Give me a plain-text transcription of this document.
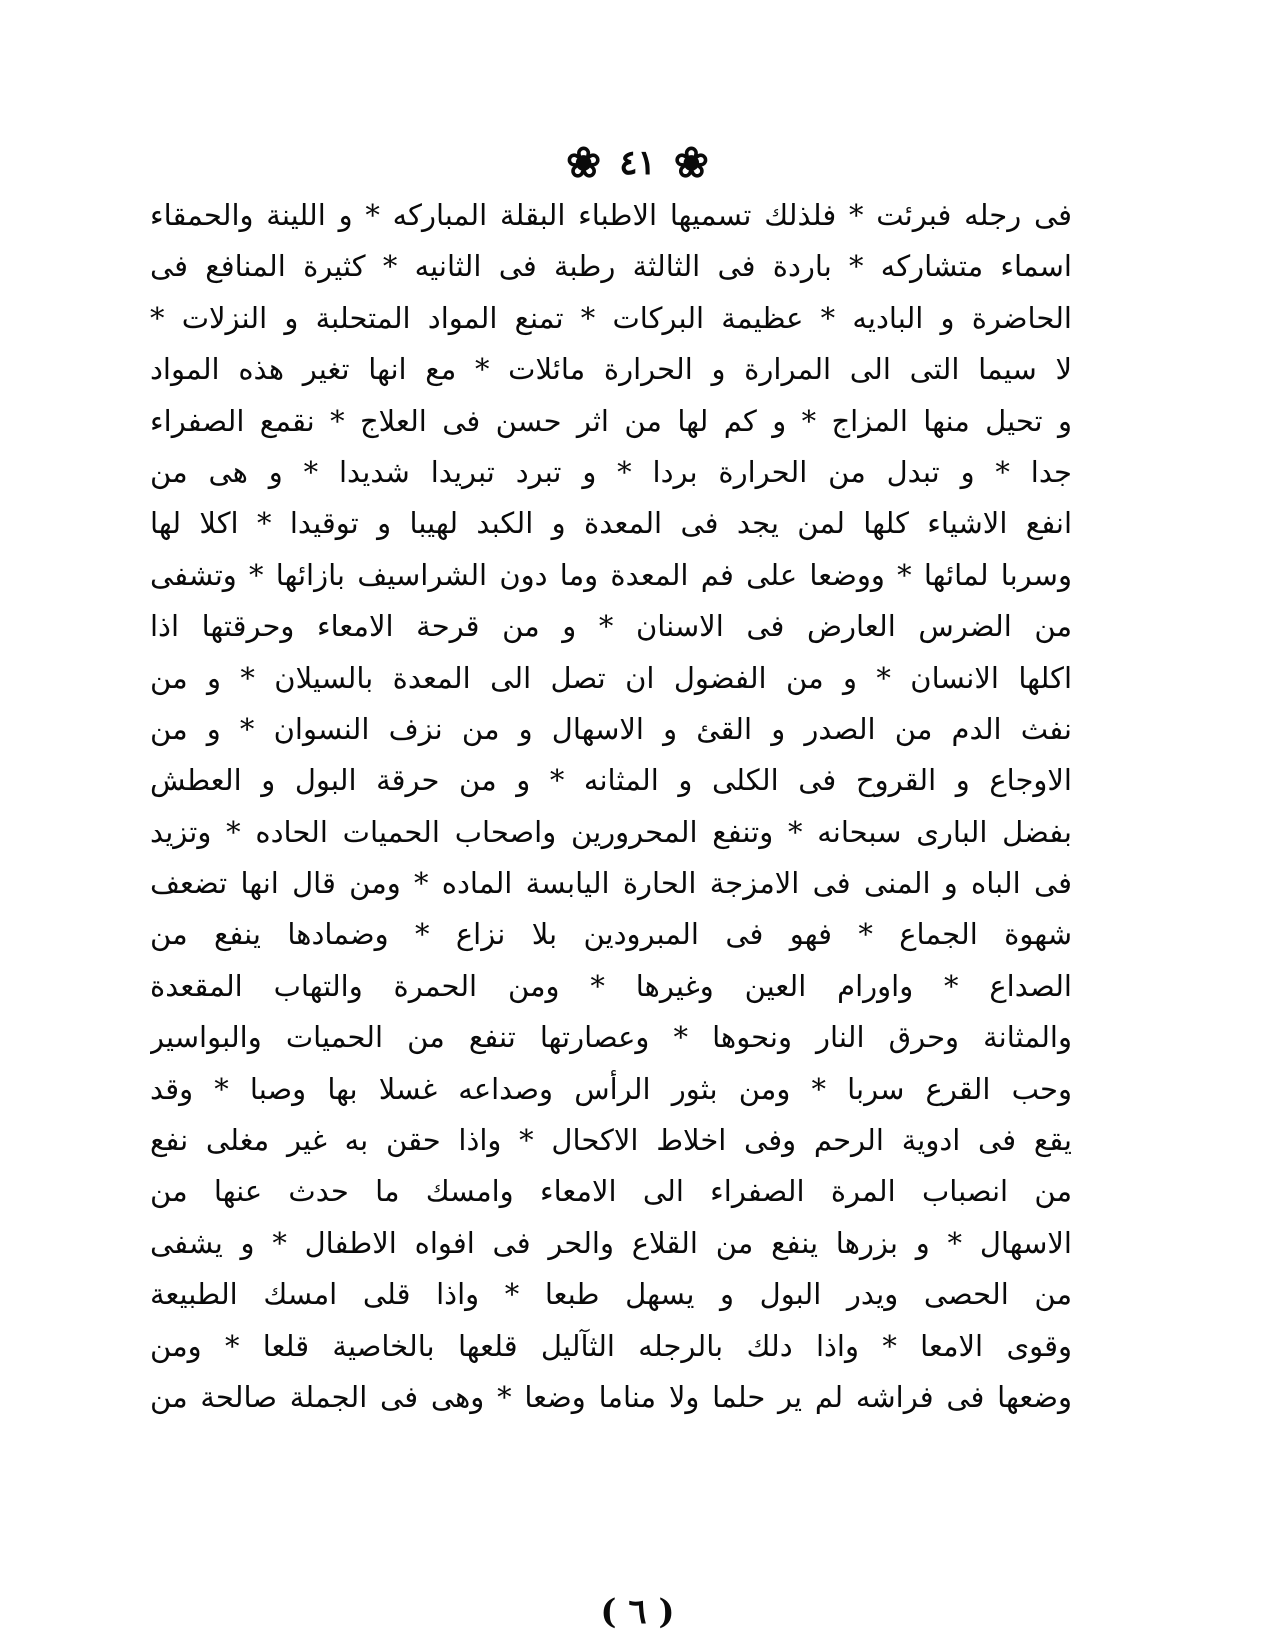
❀ ٤١ ❀
فى رجله فبرئت * فلذلك تسميها الاطباء البقلة المباركه * و اللينة والحمقاء
اسماء متشاركه * باردة فى الثالثة رطبة فى الثانيه * كثيرة المنافع فى
الحاضرة و الباديه * عظيمة البركات * تمنع المواد المتحلبة و النزلات *
لا سيما التى الى المرارة و الحرارة مائلات * مع انها تغير هذه المواد
و تحيل منها المزاج * و كم لها من اثر حسن فى العلاج * نقمع الصفراء
جدا * و تبدل من الحرارة بردا * و تبرد تبريدا شديدا * و هى من
انفع الاشياء كلها لمن يجد فى المعدة و الكبد لهيبا و توقيدا * اكلا لها
وسربا لمائها * ووضعا على فم المعدة وما دون الشراسيف بازائها * وتشفى
من الضرس العارض فى الاسنان * و من قرحة الامعاء وحرقتها اذا
اكلها الانسان * و من الفضول ان تصل الى المعدة بالسيلان * و من
نفث الدم من الصدر و القئ و الاسهال و من نزف النسوان * و من
الاوجاع و القروح فى الكلى و المثانه * و من حرقة البول و العطش
بفضل البارى سبحانه * وتنفع المحرورين واصحاب الحميات الحاده * وتزيد
فى الباه و المنى فى الامزجة الحارة اليابسة الماده * ومن قال انها تضعف
شهوة الجماع * فهو فى المبرودين بلا نزاع * وضمادها ينفع من
الصداع * واورام العين وغيرها * ومن الحمرة والتهاب المقعدة
والمثانة وحرق النار ونحوها * وعصارتها تنفع من الحميات والبواسير
وحب القرع سربا * ومن بثور الرأس وصداعه غسلا بها وصبا * وقد
يقع فى ادوية الرحم وفى اخلاط الاكحال * واذا حقن به غير مغلى نفع
من انصباب المرة الصفراء الى الامعاء وامسك ما حدث عنها من
الاسهال * و بزرها ينفع من القلاع والحر فى افواه الاطفال * و يشفى
من الحصى ويدر البول و يسهل طبعا * واذا قلى امسك الطبيعة
وقوى الامعا * واذا دلك بالرجله الثآليل قلعها بالخاصية قلعا * ومن
وضعها فى فراشه لم ير حلما ولا مناما وضعا * وهى فى الجملة صالحة من
( ٦ )
